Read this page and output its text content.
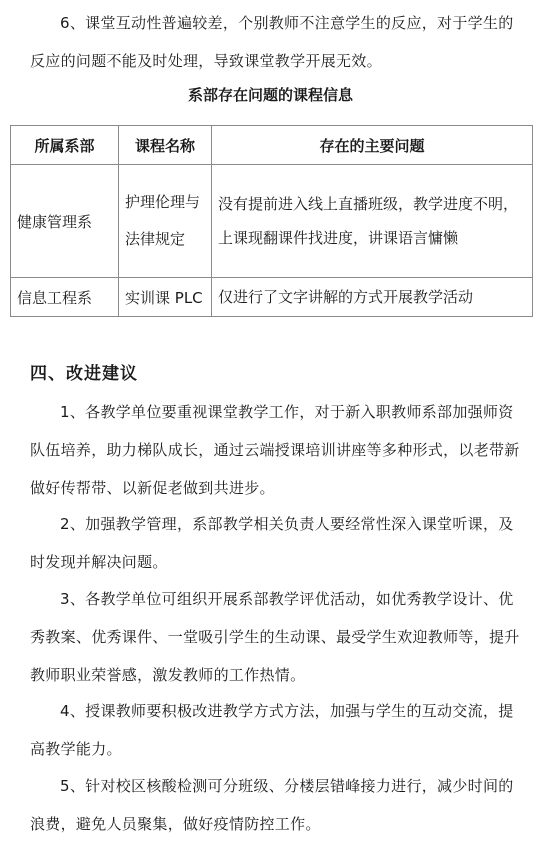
6、课堂互动性普遍较差，个别教师不注意学生的反应，对于学生的反应的问题不能及时处理，导致课堂教学开展无效。

系部存在问题的课程信息
所属系部	课程名称	存在的主要问题
健康管理系	护理伦理与法律规定	没有提前进入线上直播班级，教学进度不明，上课现翻课件找进度，讲课语言慵懒
信息工程系	实训课 PLC	仅进行了文字讲解的方式开展教学活动
四、改进建议

1、各教学单位要重视课堂教学工作，对于新入职教师系部加强师资队伍培养，助力梯队成长，通过云端授课培训讲座等多种形式，以老带新做好传帮带、以新促老做到共进步。

2、加强教学管理，系部教学相关负责人要经常性深入课堂听课，及时发现并解决问题。

3、各教学单位可组织开展系部教学评优活动，如优秀教学设计、优秀教案、优秀课件、一堂吸引学生的生动课、最受学生欢迎教师等，提升教师职业荣誉感，激发教师的工作热情。

4、授课教师要积极改进教学方式方法，加强与学生的互动交流，提高教学能力。

5、针对校区核酸检测可分班级、分楼层错峰接力进行，减少时间的浪费，避免人员聚集，做好疫情防控工作。
